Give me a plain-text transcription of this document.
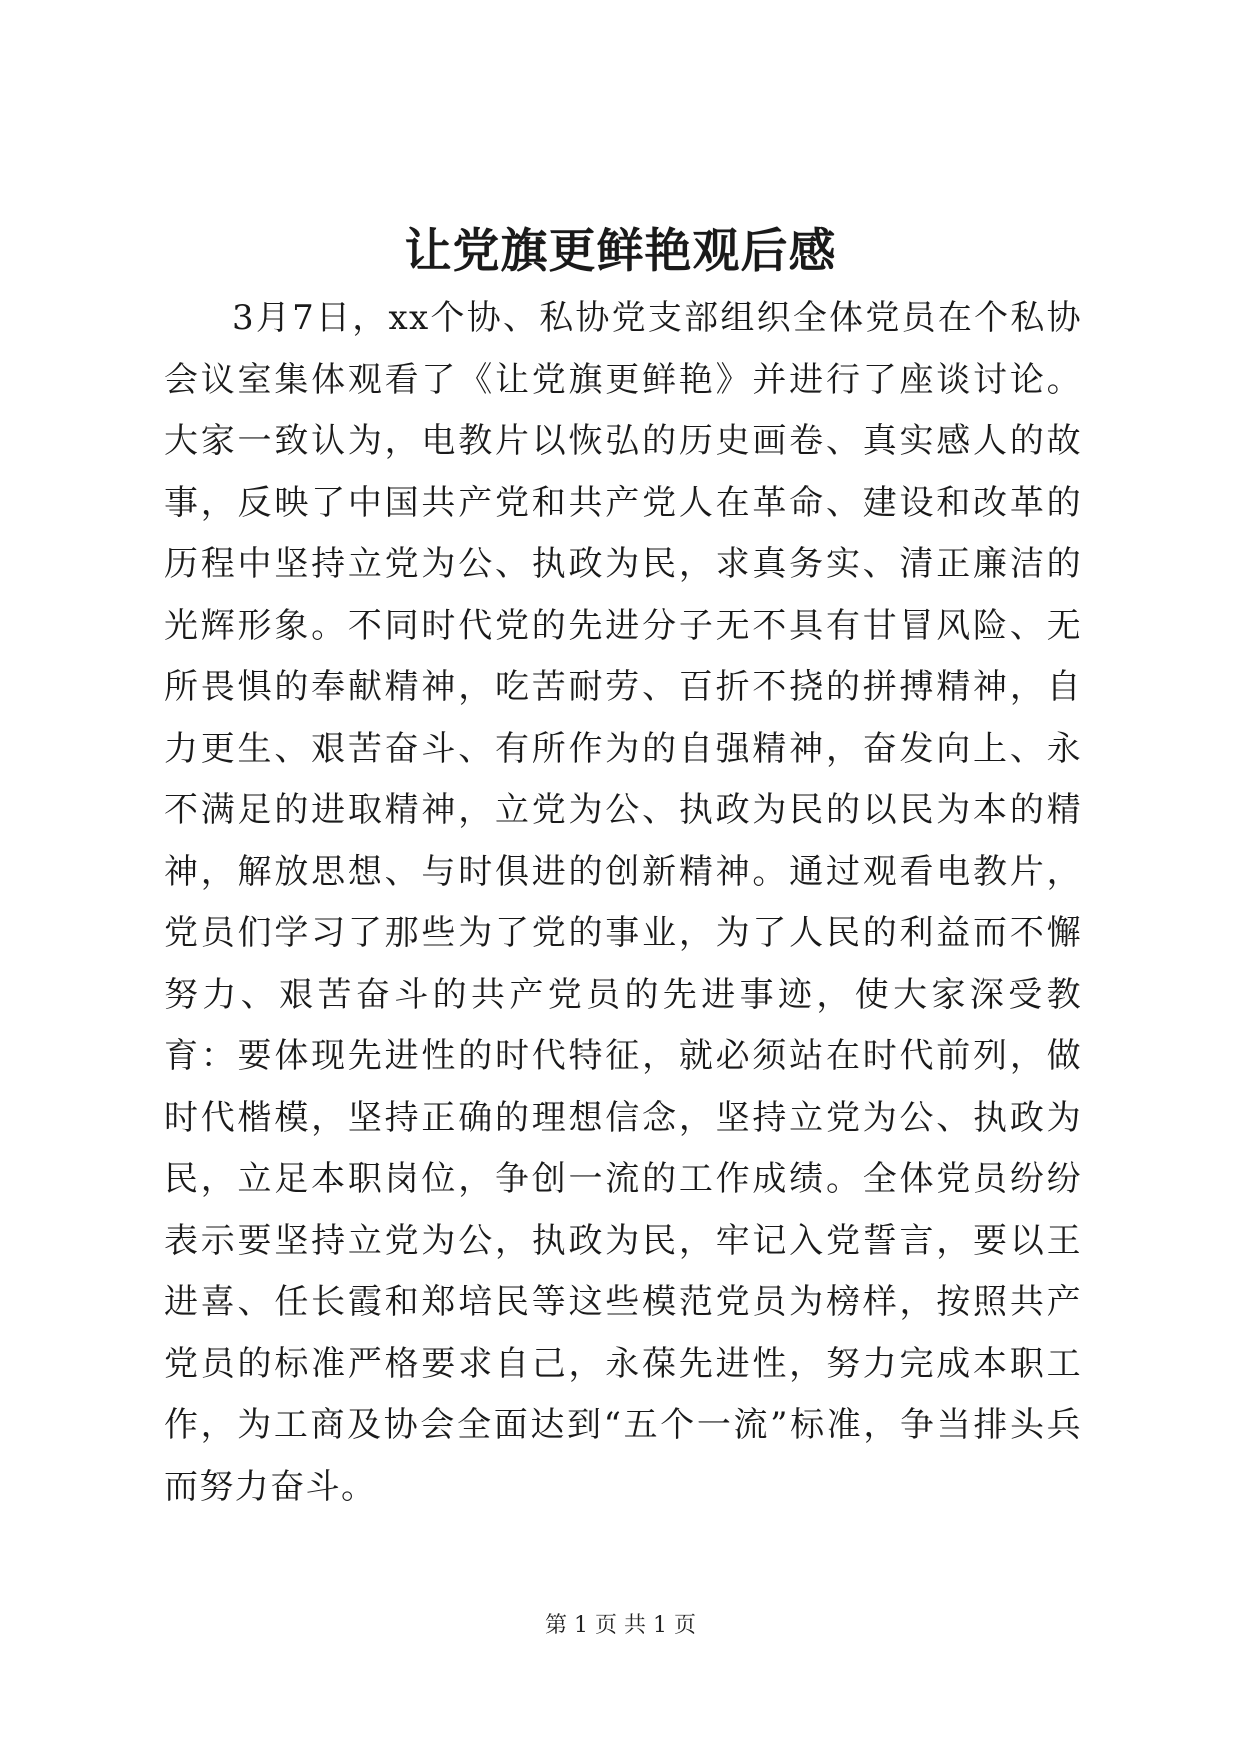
让党旗更鲜艳观后感

3月7日，xx个协、私协党支部组织全体党员在个私协会议室集体观看了《让党旗更鲜艳》并进行了座谈讨论。大家一致认为，电教片以恢弘的历史画卷、真实感人的故事，反映了中国共产党和共产党人在革命、建设和改革的历程中坚持立党为公、执政为民，求真务实、清正廉洁的光辉形象。不同时代党的先进分子无不具有甘冒风险、无所畏惧的奉献精神，吃苦耐劳、百折不挠的拼搏精神，自力更生、艰苦奋斗、有所作为的自强精神，奋发向上、永不满足的进取精神，立党为公、执政为民的以民为本的精神，解放思想、与时俱进的创新精神。通过观看电教片，党员们学习了那些为了党的事业，为了人民的利益而不懈努力、艰苦奋斗的共产党员的先进事迹，使大家深受教育：要体现先进性的时代特征，就必须站在时代前列，做时代楷模，坚持正确的理想信念，坚持立党为公、执政为民，立足本职岗位，争创一流的工作成绩。全体党员纷纷表示要坚持立党为公，执政为民，牢记入党誓言，要以王进喜、任长霞和郑培民等这些模范党员为榜样，按照共产党员的标准严格要求自己，永葆先进性，努力完成本职工作，为工商及协会全面达到“五个一流”标准，争当排头兵而努力奋斗。

第 1 页 共 1 页
